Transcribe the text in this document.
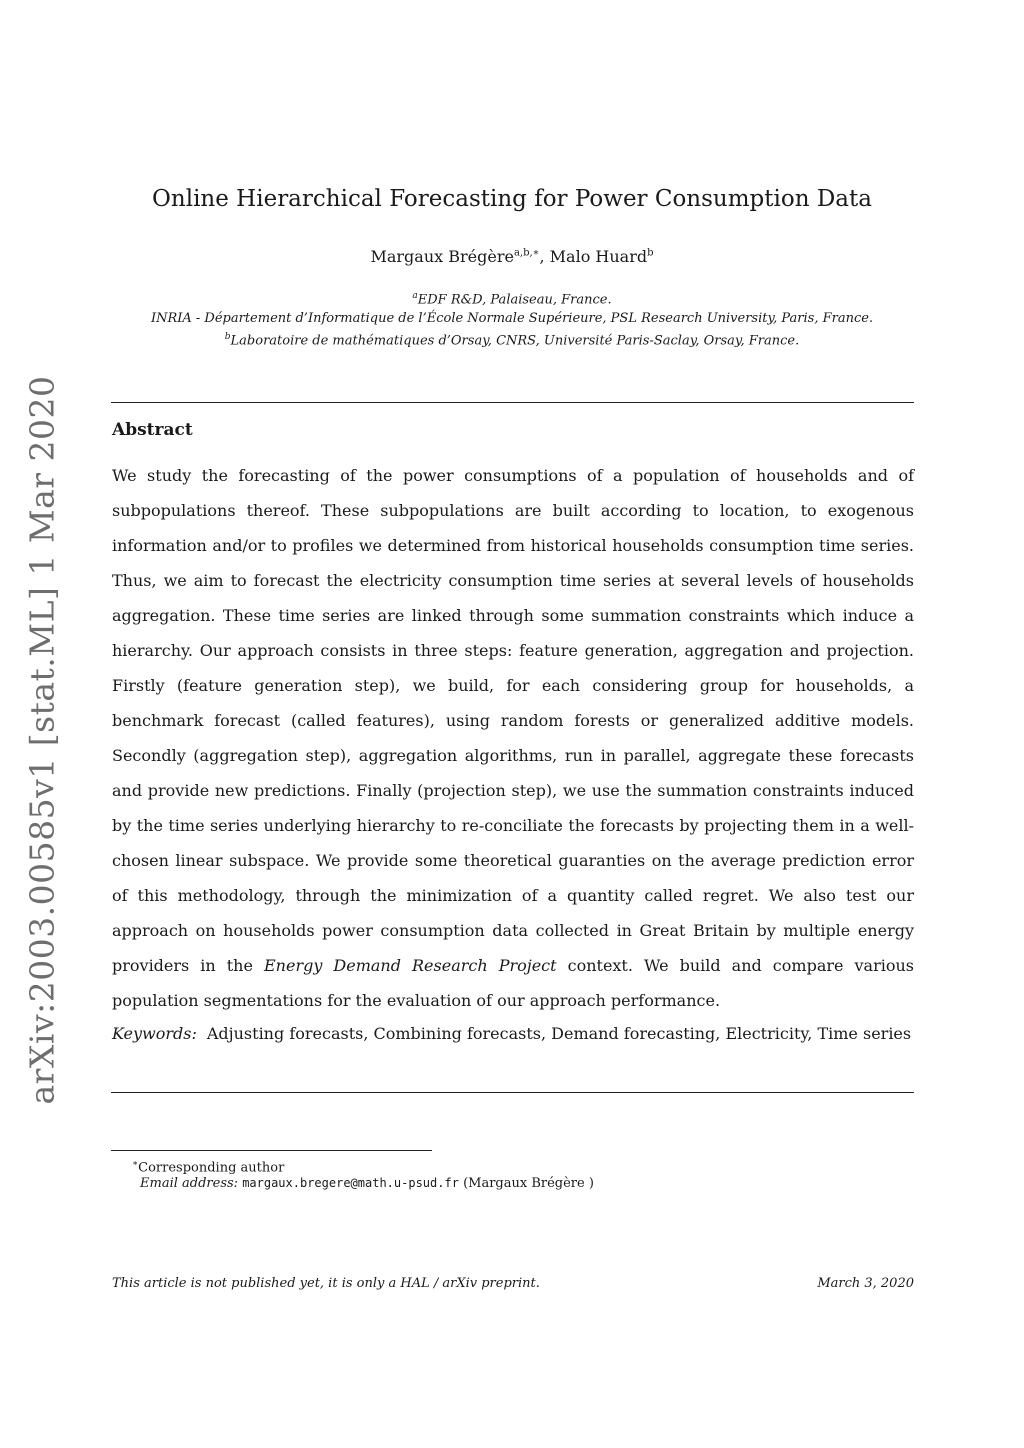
arXiv:2003.00585v1 [stat.ML] 1 Mar 2020
Online Hierarchical Forecasting for Power Consumption Data
Margaux Brégère$^{a,b,∗}$, Malo Huard$^b$
$^a$EDF R&D, Palaiseau, France.
INRIA - Département d’Informatique de l’École Normale Supérieure, PSL Research University, Paris, France.
$^b$Laboratoire de mathématiques d’Orsay, CNRS, Université Paris-Saclay, Orsay, France.
Abstract

We study the forecasting of the power consumptions of a population of households and of subpopulations thereof. These subpopulations are built according to location, to exogenous information and/or to profiles we determined from historical households consumption time series. Thus, we aim to forecast the electricity consumption time series at several levels of households aggregation. These time series are linked through some summation constraints which induce a hierarchy. Our approach consists in three steps: feature generation, aggregation and projection. Firstly (feature generation step), we build, for each considering group for households, a benchmark forecast (called features), using random forests or generalized additive models. Secondly (aggregation step), aggregation algorithms, run in parallel, aggregate these forecasts and provide new predictions. Finally (projection step), we use the summation constraints induced by the time series underlying hierarchy to re-conciliate the forecasts by projecting them in a well-chosen linear subspace. We provide some theoretical guaranties on the average prediction error of this methodology, through the minimization of a quantity called regret. We also test our approach on households power consumption data collected in Great Britain by multiple energy providers in the Energy Demand Research Project context. We build and compare various population segmentations for the evaluation of our approach performance.

Keywords: Adjusting forecasts, Combining forecasts, Demand forecasting, Electricity, Time series

∗Corresponding author
Email address: margaux.bregere@math.u-psud.fr (Margaux Brégère )
This article is not published yet, it is only a HAL / arXiv preprint.	March 3, 2020
